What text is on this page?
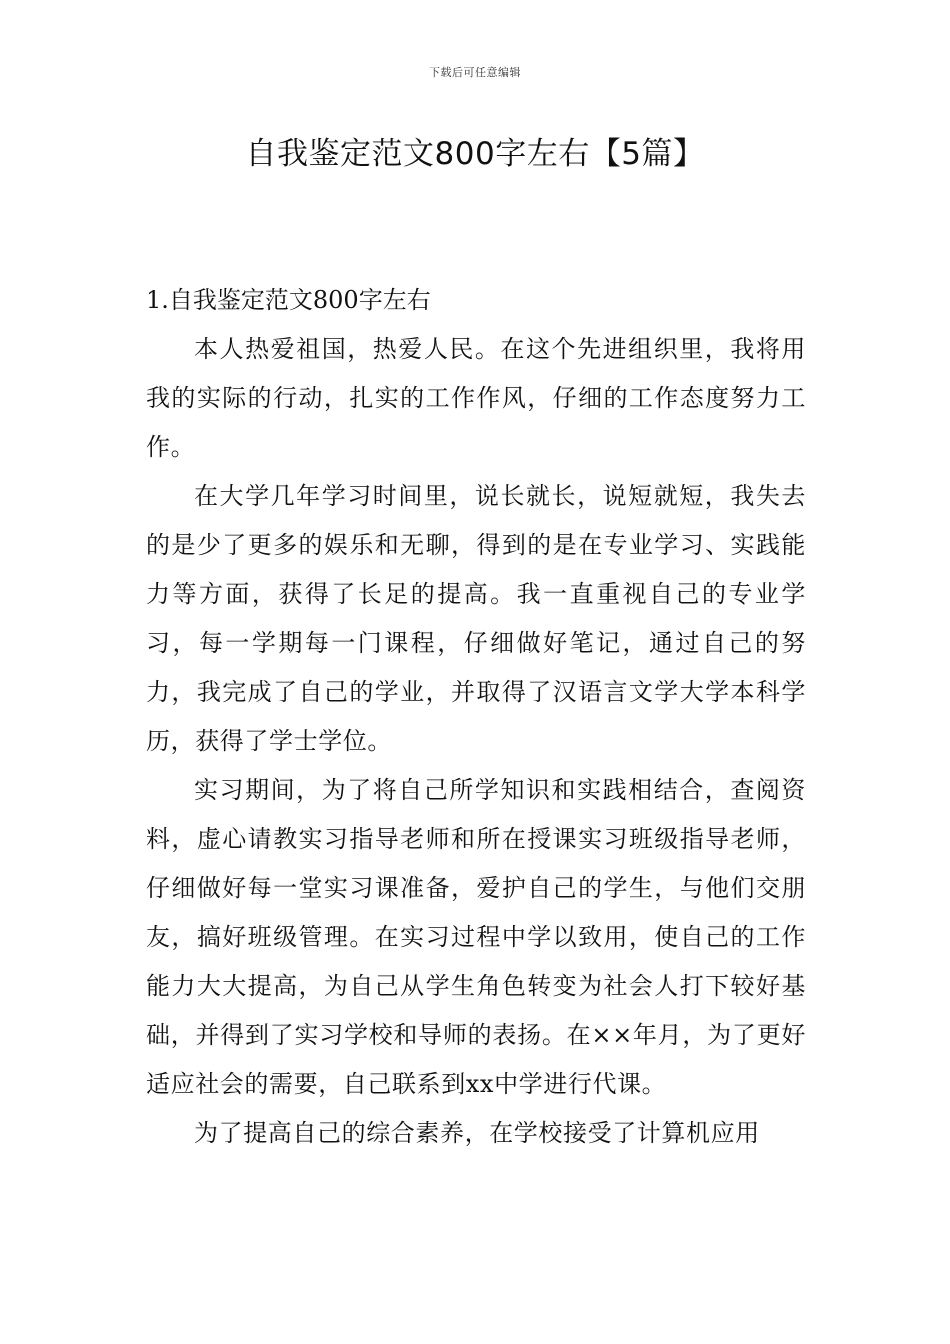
下载后可任意编辑
自我鉴定范文800字左右【5篇】
1.自我鉴定范文800字左右

本人热爱祖国，热爱人民。在这个先进组织里，我将用我的实际的行动，扎实的工作作风，仔细的工作态度努力工作。

在大学几年学习时间里，说长就长，说短就短，我失去的是少了更多的娱乐和无聊，得到的是在专业学习、实践能力等方面，获得了长足的提高。我一直重视自己的专业学习，每一学期每一门课程，仔细做好笔记，通过自己的努力，我完成了自己的学业，并取得了汉语言文学大学本科学历，获得了学士学位。

实习期间，为了将自己所学知识和实践相结合，查阅资料，虚心请教实习指导老师和所在授课实习班级指导老师，仔细做好每一堂实习课准备，爱护自己的学生，与他们交朋友，搞好班级管理。在实习过程中学以致用，使自己的工作能力大大提高，为自己从学生角色转变为社会人打下较好基础，并得到了实习学校和导师的表扬。在××年月，为了更好适应社会的需要，自己联系到xx中学进行代课。

为了提高自己的综合素养，在学校接受了计算机应用
